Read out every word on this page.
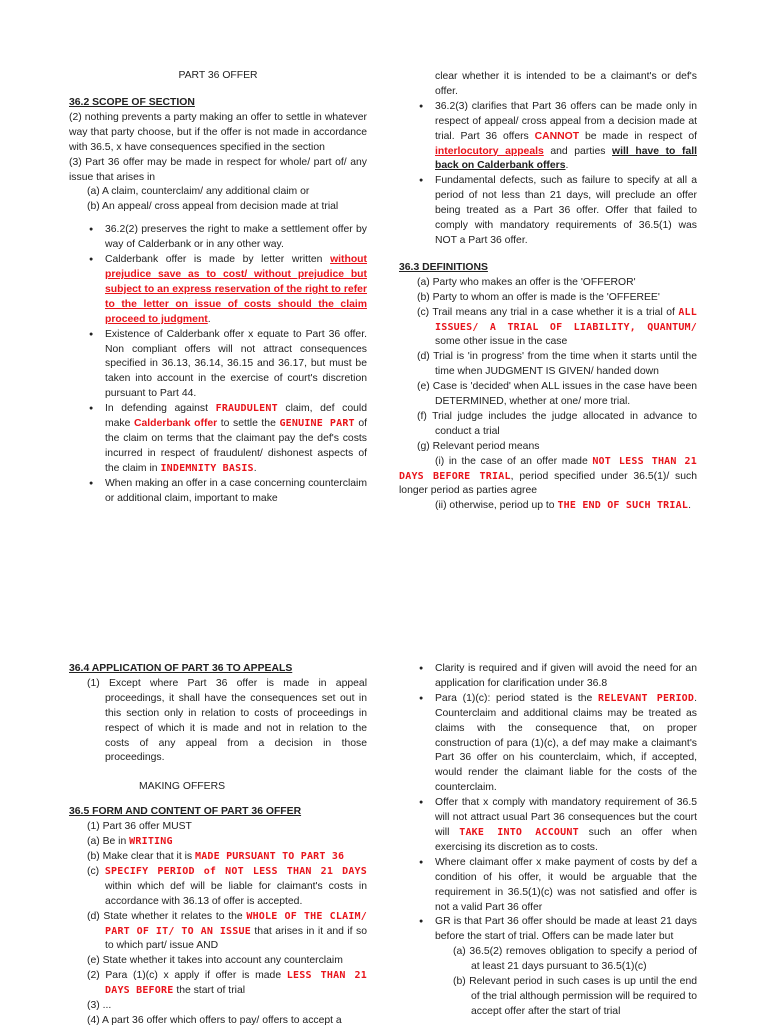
PART 36 OFFER
36.2 SCOPE OF SECTION

(2) nothing prevents a party making an offer to settle in whatever way that party choose, but if the offer is not made in accordance with 36.5, x have consequences specified in the section

(3) Part 36 offer may be made in respect for whole/ part of/ any issue that arises in

(a) A claim, counterclaim/ any additional claim or

(b) An appeal/ cross appeal from decision made at trial

● 36.2(2) preserves the right to make a settlement offer by way of Calderbank or in any other way.

● Calderbank offer is made by letter written without prejudice save as to cost/ without prejudice but subject to an express reservation of the right to refer to the letter on issue of costs should the claim proceed to judgment.

● Existence of Calderbank offer x equate to Part 36 offer. Non compliant offers will not attract consequences specified in 36.13, 36.14, 36.15 and 36.17, but must be taken into account in the exercise of court's discretion pursuant to Part 44.

● In defending against FRAUDULENT claim, def could make Calderbank offer to settle the GENUINE PART of the claim on terms that the claimant pay the def's costs incurred in respect of fraudulent/ dishonest aspects of the claim in INDEMNITY BASIS.

● When making an offer in a case concerning counterclaim or additional claim, important to make

clear whether it is intended to be a claimant's or def's offer.

● 36.2(3) clarifies that Part 36 offers can be made only in respect of appeal/ cross appeal from a decision made at trial. Part 36 offers CANNOT be made in respect of interlocutory appeals and parties will have to fall back on Calderbank offers.

● Fundamental defects, such as failure to specify at all a period of not less than 21 days, will preclude an offer being treated as a Part 36 offer. Offer that failed to comply with mandatory requirements of 36.5(1) was NOT a Part 36 offer.

36.3 DEFINITIONS

(a) Party who makes an offer is the 'OFFEROR'

(b) Party to whom an offer is made is the 'OFFEREE'

(c) Trail means any trial in a case whether it is a trial of ALL ISSUES/ A TRIAL OF LIABILITY, QUANTUM/ some other issue in the case

(d) Trial is 'in progress' from the time when it starts until the time when JUDGMENT IS GIVEN/ handed down

(e) Case is 'decided' when ALL issues in the case have been DETERMINED, whether at one/ more trial.

(f) Trial judge includes the judge allocated in advance to conduct a trial

(g) Relevant period means

(i) in the case of an offer made NOT LESS THAN 21 DAYS BEFORE TRIAL, period specified under 36.5(1)/ such longer period as parties agree

(ii) otherwise, period up to THE END OF SUCH TRIAL.

36.4 APPLICATION OF PART 36 TO APPEALS

(1) Except where Part 36 offer is made in appeal proceedings, it shall have the consequences set out in this section only in relation to costs of proceedings in respect of which it is made and not in relation to the costs of any appeal from a decision in those proceedings.

MAKING OFFERS

36.5 FORM AND CONTENT OF PART 36 OFFER

(1) Part 36 offer MUST

(a) Be in WRITING

(b) Make clear that it is MADE PURSUANT TO PART 36

(c) SPECIFY PERIOD of NOT LESS THAN 21 DAYS within which def will be liable for claimant's costs in accordance with 36.13 of offer is accepted.

(d) State whether it relates to the WHOLE OF THE CLAIM/ PART OF IT/ TO AN ISSUE that arises in it and if so to which part/ issue AND

(e) State whether it takes into account any counterclaim

(2) Para (1)(c) x apply if offer is made LESS THAN 21 DAYS BEFORE the start of trial

(3) ...

(4) A part 36 offer which offers to pay/ offers to accept a

● Clarity is required and if given will avoid the need for an application for clarification under 36.8

● Para (1)(c): period stated is the RELEVANT PERIOD. Counterclaim and additional claims may be treated as claims with the consequence that, on proper construction of para (1)(c), a def may make a claimant's Part 36 offer on his counterclaim, which, if accepted, would render the claimant liable for the costs of the counterclaim.

● Offer that x comply with mandatory requirement of 36.5 will not attract usual Part 36 consequences but the court will TAKE INTO ACCOUNT such an offer when exercising its discretion as to costs.

● Where claimant offer x make payment of costs by def a condition of his offer, it would be arguable that the requirement in 36.5(1)(c) was not satisfied and offer is not a valid Part 36 offer

● GR is that Part 36 offer should be made at least 21 days before the start of trial. Offers can be made later but

(a) 36.5(2) removes obligation to specify a period of at least 21 days pursuant to 36.5(1)(c)

(b) Relevant period in such cases is up until the end of the trial although permission will be required to accept offer after the start of trial
